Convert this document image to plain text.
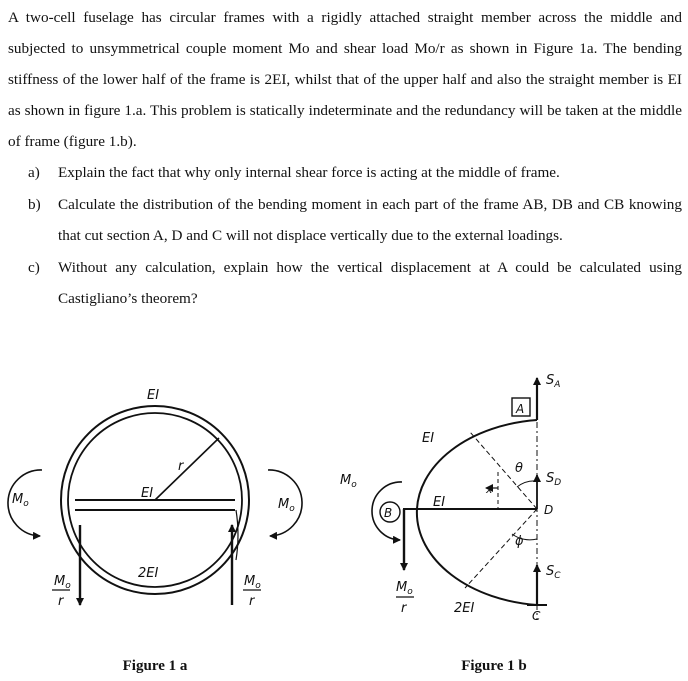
A two-cell fuselage has circular frames with a rigidly attached straight member across the middle and subjected to unsymmetrical couple moment Mo and shear load Mo/r as shown in Figure 1a. The bending stiffness of the lower half of the frame is 2EI, whilst that of the upper half and also the straight member is EI as shown in figure 1.a. This problem is statically indeterminate and the redundancy will be taken at the middle of frame (figure 1.b).

a) Explain the fact that why only internal shear force is acting at the middle of frame.
b) Calculate the distribution of the bending moment in each part of the frame AB, DB and CB knowing that cut section A, D and C will not displace vertically due to the external loadings.
c) Without any calculation, explain how the vertical displacement at A could be calculated using Castigliano’s theorem?
EI
EI
2EI
r
$M_o$	$M_o$
$M_o$
r
$M_o$
r
Figure 1 a
EI
EI
2EI
A
B
C
D
$S_A$
$S_D$
$S_C$
θ
ϕ
x
$M_o$
$M_o$
r
Figure 1 b
